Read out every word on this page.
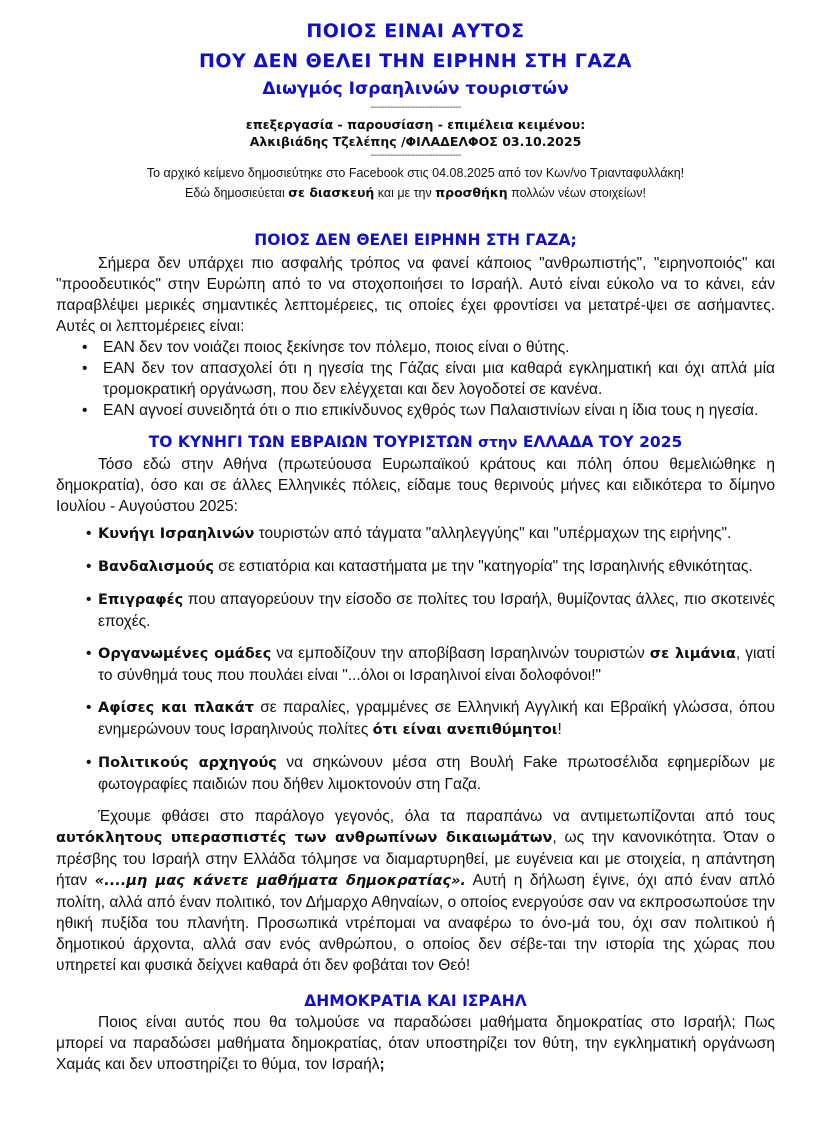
ΠΟΙΟΣ ΕΙΝΑΙ ΑΥΤΟΣ
ΠΟΥ ΔΕΝ ΘΕΛΕΙ ΤΗΝ ΕΙΡΗΝΗ ΣΤΗ ΓΑΖΑ
Διωγμός Ισραηλινών τουριστών
--------------------------------
επεξεργασία - παρουσίαση - επιμέλεια κειμένου:
Αλκιβιάδης Τζελέπης /ΦΙΛΑΔΕΛΦΟΣ 03.10.2025
--------------------------------
Το αρχικό κείμενο δημοσιεύτηκε στο Facebook στις 04.08.2025 από τον Κων/νο Τριανταφυλλάκη!
Εδώ δημοσιεύεται σε διασκευή και με την προσθήκη πολλών νέων στοιχείων!
ΠΟΙΟΣ ΔΕΝ ΘΕΛΕΙ ΕΙΡΗΝΗ ΣΤΗ ΓΑΖΑ;
Σήμερα δεν υπάρχει πιο ασφαλής τρόπος να φανεί κάποιος "ανθρωπιστής", "ειρηνοποιός" και "προοδευτικός" στην Ευρώπη από το να στοχοποιήσει το Ισραήλ. Αυτό είναι εύκολο να το κάνει, εάν παραβλέψει μερικές σημαντικές λεπτομέρειες, τις οποίες έχει φροντίσει να μετατρέ-ψει σε ασήμαντες. Αυτές οι λεπτομέρειες είναι:
• ΕΑΝ δεν τον νοιάζει ποιος ξεκίνησε τον πόλεμο, ποιος είναι ο θύτης.
• ΕΑΝ δεν τον απασχολεί ότι η ηγεσία της Γάζας είναι μια καθαρά εγκληματική και όχι απλά μία τρομοκρατική οργάνωση, που δεν ελέγχεται και δεν λογοδοτεί σε κανένα.
• ΕΑΝ αγνοεί συνειδητά ότι ο πιο επικίνδυνος εχθρός των Παλαιστινίων είναι η ίδια τους η ηγεσία.
ΤΟ ΚΥΝΗΓΙ ΤΩΝ ΕΒΡΑΙΩΝ ΤΟΥΡΙΣΤΩΝ στην ΕΛΛΑΔΑ ΤΟΥ 2025
Τόσο εδώ στην Αθήνα (πρωτεύουσα Ευρωπαϊκού κράτους και πόλη όπου θεμελιώθηκε η δημοκρατία), όσο και σε άλλες Ελληνικές πόλεις, είδαμε τους θερινούς μήνες και ειδικότερα το δίμηνο Ιουλίου - Αυγούστου 2025:
• Κυνήγι Ισραηλινών τουριστών από τάγματα "αλληλεγγύης" και "υπέρμαχων της ειρήνης".
• Βανδαλισμούς σε εστιατόρια και καταστήματα με την "κατηγορία" της Ισραηλινής εθνικότητας.
• Επιγραφές που απαγορεύουν την είσοδο σε πολίτες του Ισραήλ, θυμίζοντας άλλες, πιο σκοτεινές εποχές.
• Οργανωμένες ομάδες να εμποδίζουν την αποβίβαση Ισραηλινών τουριστών σε λιμάνια, γιατί το σύνθημά τους που πουλάει είναι "...όλοι οι Ισραηλινοί είναι δολοφόνοι!"
• Αφίσες και πλακάτ σε παραλίες, γραμμένες σε Ελληνική Αγγλική και Εβραϊκή γλώσσα, όπου ενημερώνουν τους Ισραηλινούς πολίτες ότι είναι ανεπιθύμητοι!
• Πολιτικούς αρχηγούς να σηκώνουν μέσα στη Βουλή Fake πρωτοσέλιδα εφημερίδων με φωτογραφίες παιδιών που δήθεν λιμοκτονούν στη Γαζα.
Έχουμε φθάσει στο παράλογο γεγονός, όλα τα παραπάνω να αντιμετωπίζονται από τους αυτόκλητους υπερασπιστές των ανθρωπίνων δικαιωμάτων, ως την κανονικότητα. Όταν ο πρέσβης του Ισραήλ στην Ελλάδα τόλμησε να διαμαρτυρηθεί, με ευγένεια και με στοιχεία, η απάντηση ήταν «....μη μας κάνετε μαθήματα δημοκρατίας». Αυτή η δήλωση έγινε, όχι από έναν απλό πολίτη, αλλά από έναν πολιτικό, τον Δήμαρχο Αθηναίων, ο οποίος ενεργούσε σαν να εκπροσωπούσε την ηθική πυξίδα του πλανήτη. Προσωπικά ντρέπομαι να αναφέρω το όνο-μά του, όχι σαν πολιτικού ή δημοτικού άρχοντα, αλλά σαν ενός ανθρώπου, ο οποίος δεν σέβε-ται την ιστορία της χώρας που υπηρετεί και φυσικά δείχνει καθαρά ότι δεν φοβάται τον Θεό!
ΔΗΜΟΚΡΑΤΙΑ ΚΑΙ ΙΣΡΑΗΛ
Ποιος είναι αυτός που θα τολμούσε να παραδώσει μαθήματα δημοκρατίας στο Ισραήλ; Πως μπορεί να παραδώσει μαθήματα δημοκρατίας, όταν υποστηρίζει τον θύτη, την εγκληματική οργάνωση Χαμάς και δεν υποστηρίζει το θύμα, τον Ισραήλ;
